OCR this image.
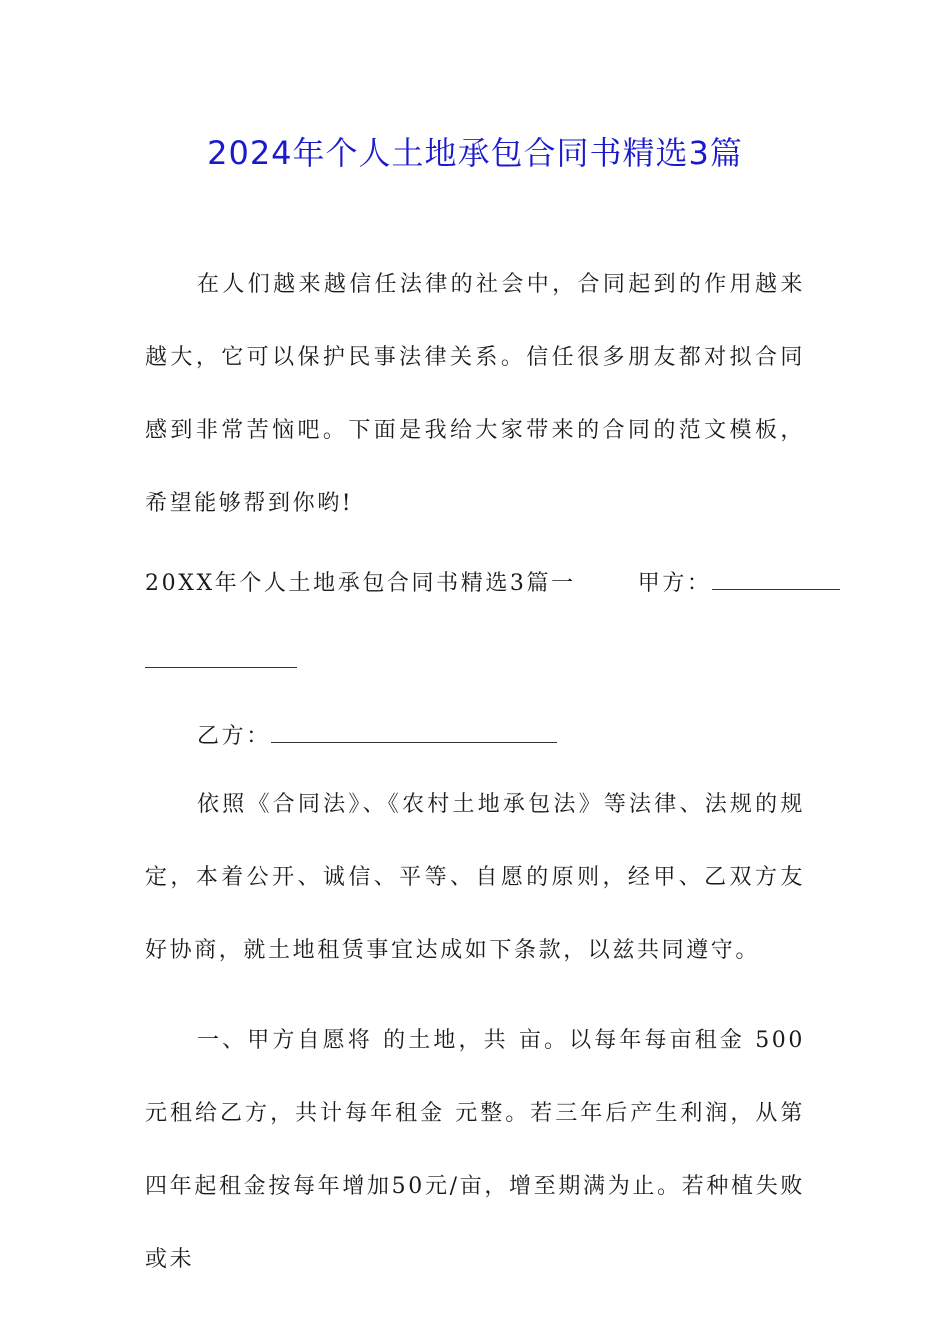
2024年个人土地承包合同书精选3篇

在人们越来越信任法律的社会中，合同起到的作用越来越大，它可以保护民事法律关系。信任很多朋友都对拟合同感到非常苦恼吧。下面是我给大家带来的合同的范文模板，希望能够帮到你哟!

20XX年个人土地承包合同书精选3篇一	甲方：
乙方：

依照《合同法》、《农村土地承包法》等法律、法规的规定，本着公开、诚信、平等、自愿的原则，经甲、乙双方友好协商，就土地租赁事宜达成如下条款，以兹共同遵守。

一、甲方自愿将 的土地，共 亩。以每年每亩租金 500 元租给乙方，共计每年租金 元整。若三年后产生利润，从第四年起租金按每年增加50元/亩，增至期满为止。若种植失败或未
